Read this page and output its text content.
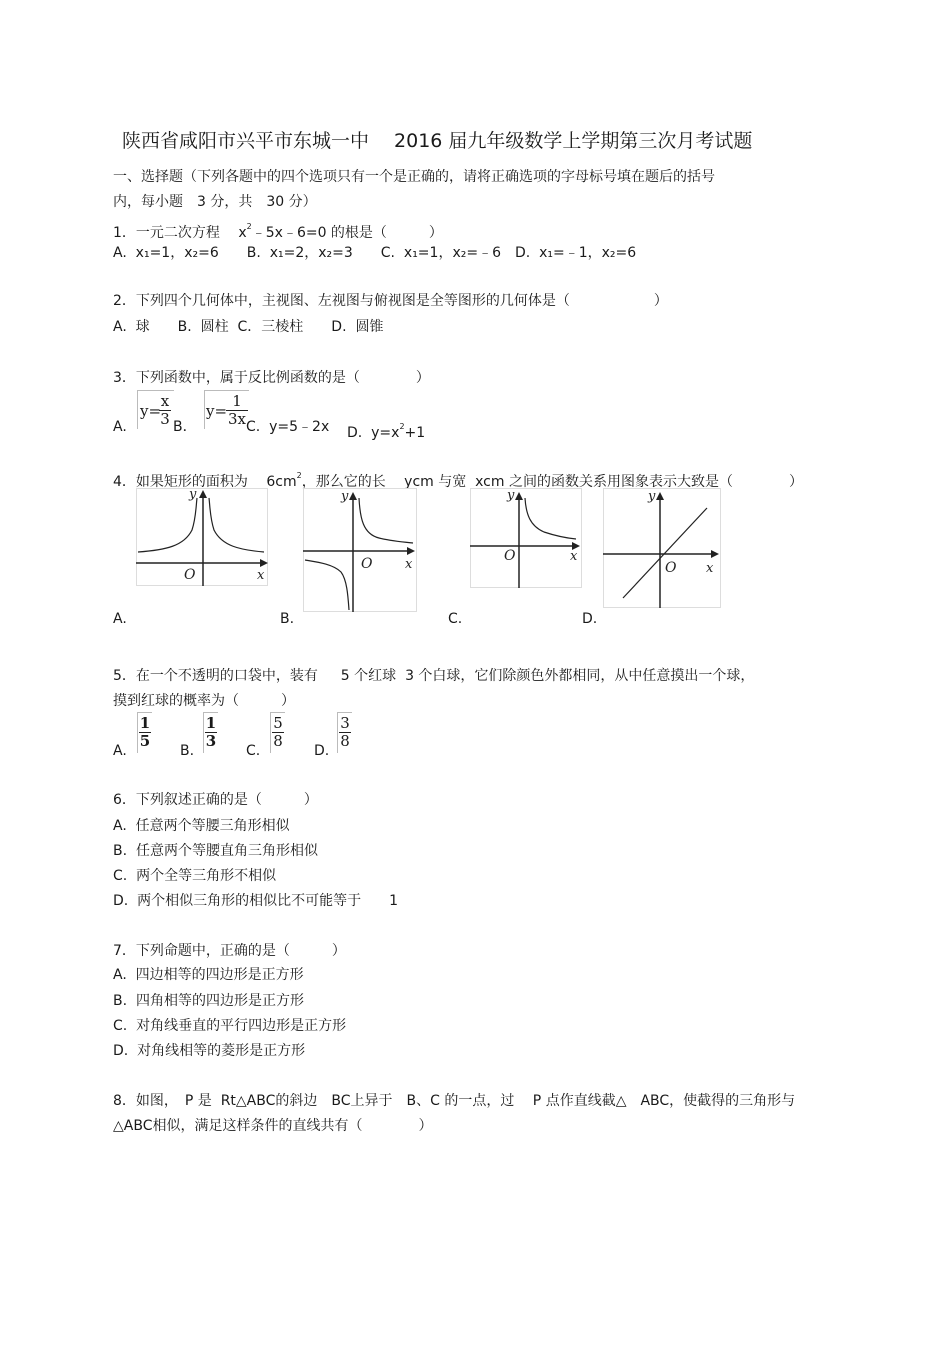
陕西省咸阳市兴平市东城一中　 2016 届九年级数学上学期第三次月考试题
一、选择题（下列各题中的四个选项只有一个是正确的，请将正确选项的字母标号填在题后的括号
内，每小题　3 分，共　30 分）
1．一元二次方程　 $x^2﹣5x﹣6=0$ 的根是（　　　）
A.  x₁=1，x₂=6　　B.  x₁=2，x₂=3　　C.  x₁=1，x₂=﹣6　D.  x₁=﹣1，x₂=6
2．下列四个几何体中，主视图、左视图与俯视图是全等图形的几何体是（　　　　　　）
A.  球　　B.  圆柱  C．三棱柱　　D.  圆锥
3．下列函数中，属于反比例函数的是（　　　　）
A.
y=
x
3 B．
y=
1
3x C.  y=5﹣2x D.  $y=x^2+1$
4．如果矩形的面积为　 $6cm^2$，那么它的长　 ycm 与宽  xcm 之间的函数关系用图象表示大致是（　　　　）
O
y
x
O
y
x
O
y
x
O
y
x
A.	B.	C.	D.
5．在一个不透明的口袋中，装有　  5 个红球  3 个白球，它们除颜色外都相同，从中任意摸出一个球，
摸到红球的概率为（　　　）
A.
1
5
B.
1
3
C.
5
8
D.
3
8
6．下列叙述正确的是（　　　）
A.  任意两个等腰三角形相似
B.  任意两个等腰直角三角形相似
C.  两个全等三角形不相似
D.  两个相似三角形的相似比不可能等于　　1
7．下列命题中，正确的是（　　　）
A.  四边相等的四边形是正方形
B.  四角相等的四边形是正方形
C.  对角线垂直的平行四边形是正方形
D.  对角线相等的菱形是正方形
8．如图，　P 是  Rt△ABC的斜边　BC上异于　B、C 的一点，过　 P 点作直线截△　ABC，使截得的三角形与
△ABC相似，满足这样条件的直线共有（　　　　）
